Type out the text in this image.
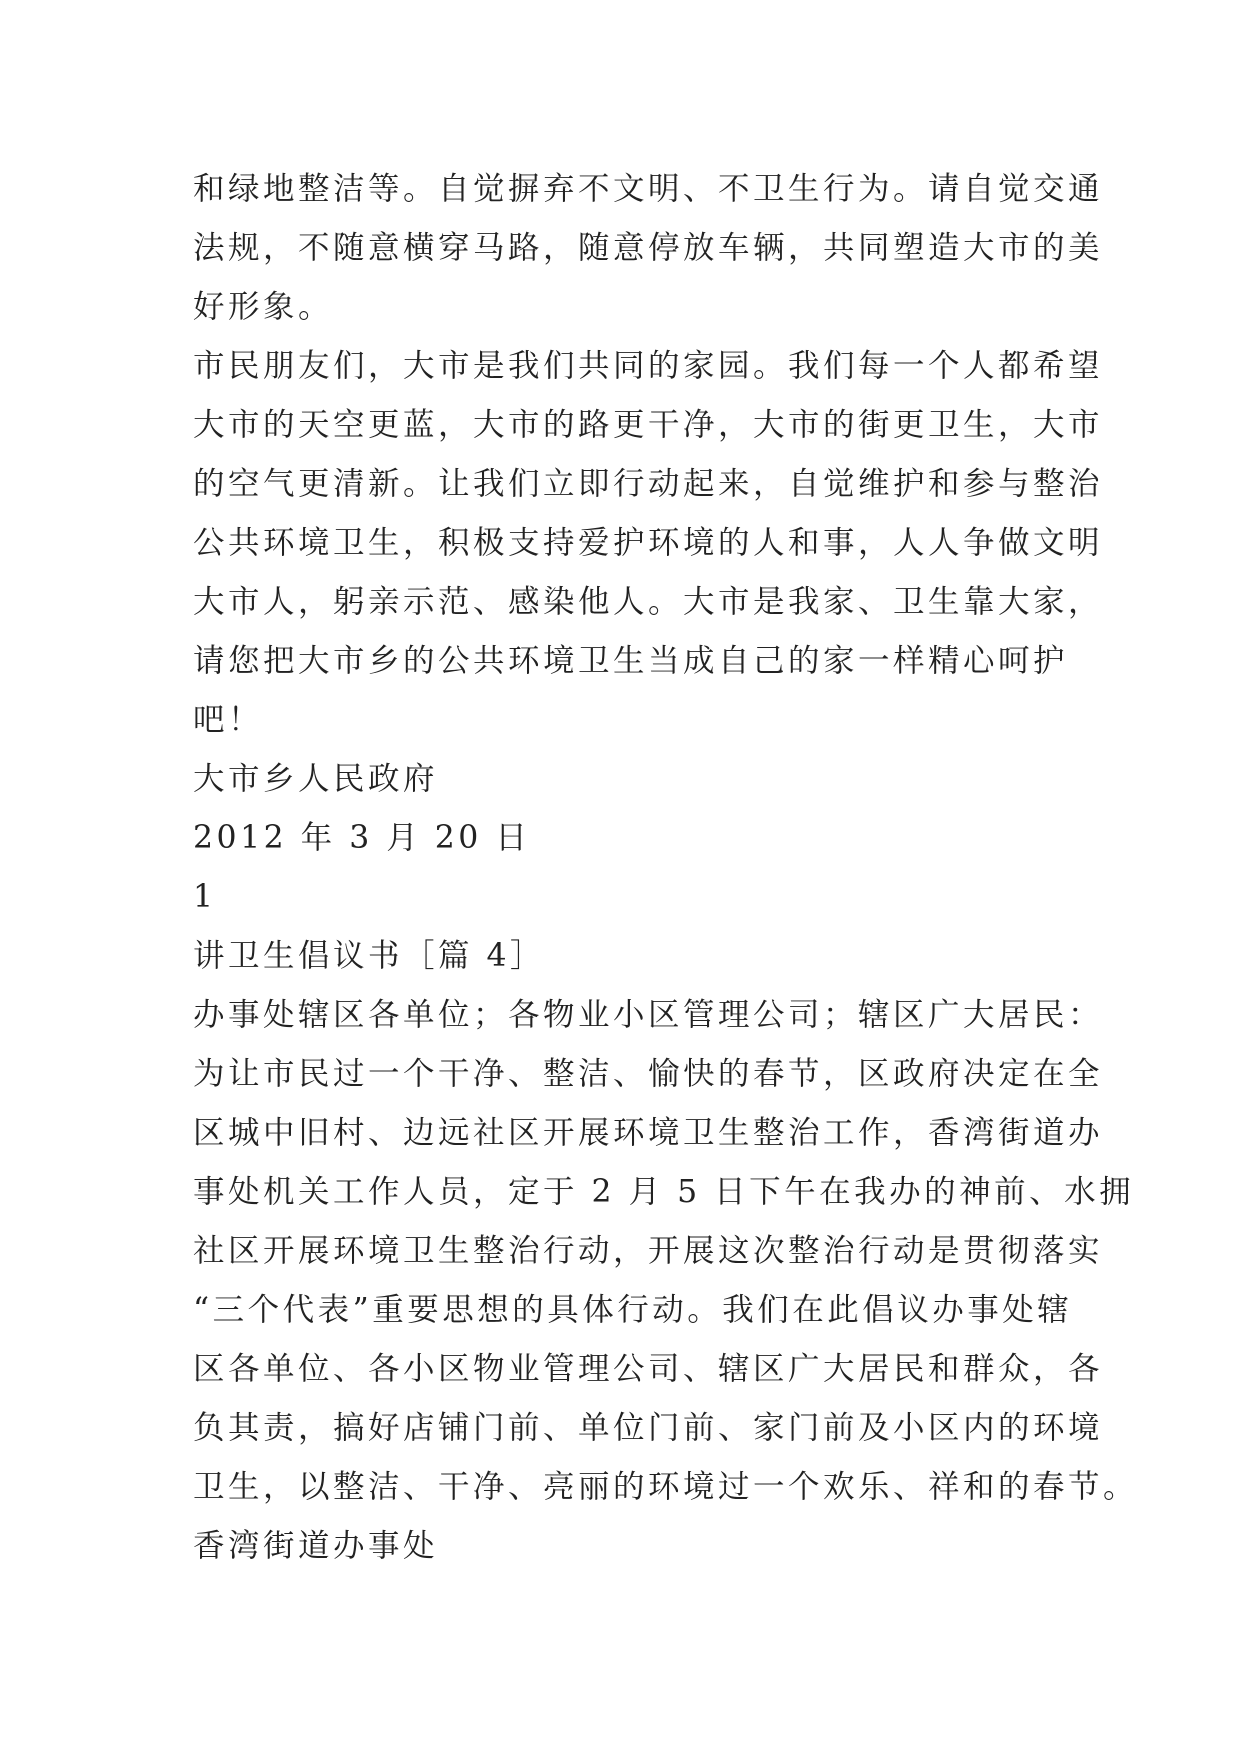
和绿地整洁等。自觉摒弃不文明、不卫生行为。请自觉交通
法规，不随意横穿马路，随意停放车辆，共同塑造大市的美
好形象。
市民朋友们，大市是我们共同的家园。我们每一个人都希望
大市的天空更蓝，大市的路更干净，大市的街更卫生，大市
的空气更清新。让我们立即行动起来，自觉维护和参与整治
公共环境卫生，积极支持爱护环境的人和事，人人争做文明
大市人，躬亲示范、感染他人。大市是我家、卫生靠大家，
请您把大市乡的公共环境卫生当成自己的家一样精心呵护
吧！
大市乡人民政府
2012 年 3 月 20 日
1
讲卫生倡议书［篇 4］
办事处辖区各单位；各物业小区管理公司；辖区广大居民：
为让市民过一个干净、整洁、愉快的春节，区政府决定在全
区城中旧村、边远社区开展环境卫生整治工作，香湾街道办
事处机关工作人员，定于 2 月 5 日下午在我办的神前、水拥
社区开展环境卫生整治行动，开展这次整治行动是贯彻落实
“三个代表”重要思想的具体行动。我们在此倡议办事处辖
区各单位、各小区物业管理公司、辖区广大居民和群众，各
负其责，搞好店铺门前、单位门前、家门前及小区内的环境
卫生，以整洁、干净、亮丽的环境过一个欢乐、祥和的春节。
香湾街道办事处
